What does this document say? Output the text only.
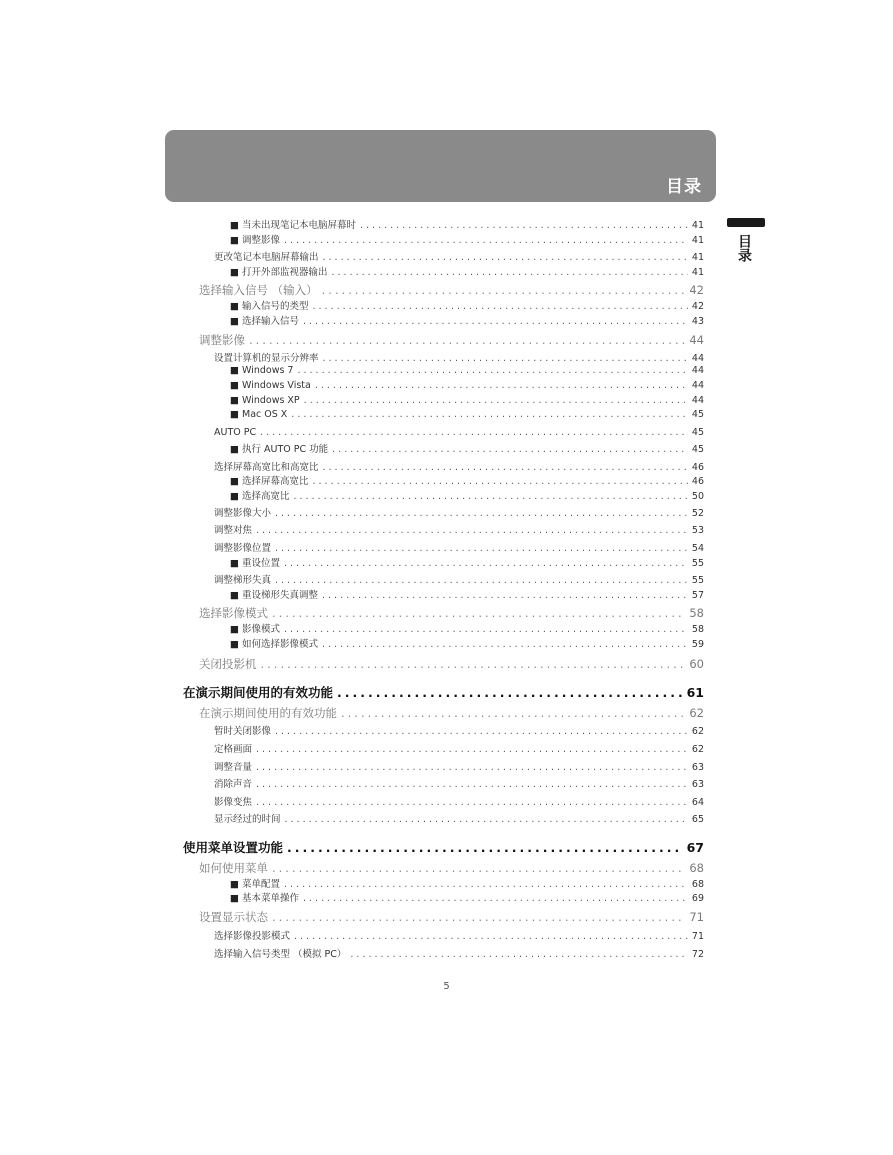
目录
目录
■ 当未出现笔记本电脑屏幕时 .....	41
■ 调整影像 .....	41
更改笔记本电脑屏幕输出 .....	41
■ 打开外部监视器输出 .....	41
选择输入信号 （输入） .....	42
■ 输入信号的类型 .....	42
■ 选择输入信号 .....	43
调整影像 .....	44
设置计算机的显示分辨率 .....	44
■ Windows 7 .....	44
■ Windows Vista .....	44
■ Windows XP .....	44
■ Mac OS X .....	45
AUTO PC .....	45
■ 执行 AUTO PC 功能 .....	45
选择屏幕高宽比和高宽比 .....	46
■ 选择屏幕高宽比 .....	46
■ 选择高宽比 .....	50
调整影像大小 .....	52
调整对焦 .....	53
调整影像位置 .....	54
■ 重设位置 .....	55
调整梯形失真 .....	55
■ 重设梯形失真调整 .....	57
选择影像模式 .....	58
■ 影像模式 .....	58
■ 如何选择影像模式 .....	59
关闭投影机 .....	60
在演示期间使用的有效功能 .....	61
在演示期间使用的有效功能 .....	62
暂时关闭影像 .....	62
定格画面 .....	62
调整音量 .....	63
消除声音 .....	63
影像变焦 .....	64
显示经过的时间 .....	65
使用菜单设置功能 .....	67
如何使用菜单 .....	68
■ 菜单配置 .....	68
■ 基本菜单操作 .....	69
设置显示状态 .....	71
选择影像投影模式 .....	71
选择输入信号类型 （模拟 PC） .....	72
5
